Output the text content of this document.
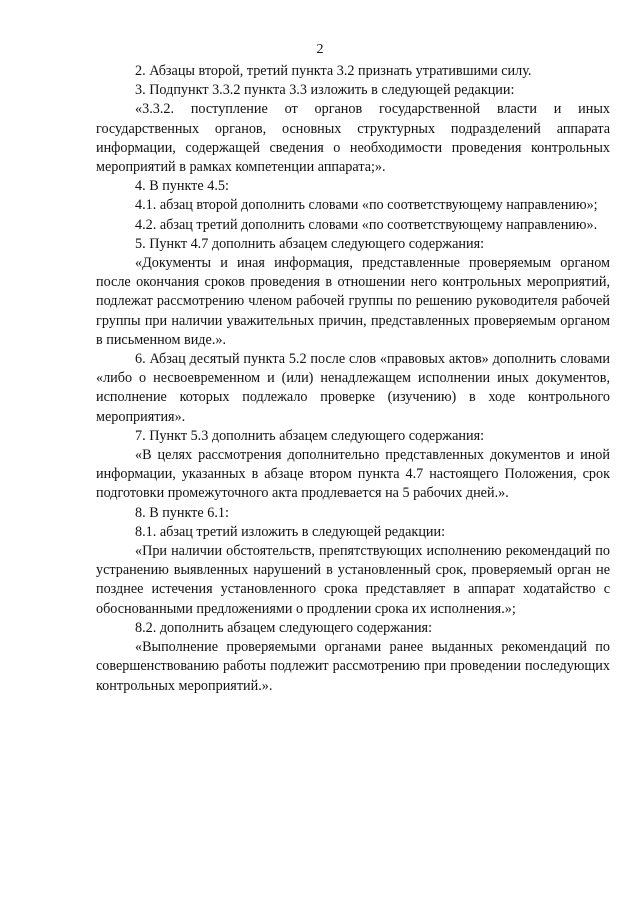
2

2. Абзацы второй, третий пункта 3.2 признать утратившими силу.

3. Подпункт 3.3.2 пункта 3.3 изложить в следующей редакции:

«3.3.2. поступление от органов государственной власти и иных государственных органов, основных структурных подразделений аппарата информации, содержащей сведения о необходимости проведения контрольных мероприятий в рамках компетенции аппарата;».

4. В пункте 4.5:

4.1. абзац второй дополнить словами «по соответствующему направлению»;

4.2. абзац третий дополнить словами «по соответствующему направлению».

5. Пункт 4.7 дополнить абзацем следующего содержания:

«Документы и иная информация, представленные проверяемым органом после окончания сроков проведения в отношении него контрольных мероприятий, подлежат рассмотрению членом рабочей группы по решению руководителя рабочей группы при наличии уважительных причин, представленных проверяемым органом в письменном виде.».

6. Абзац десятый пункта 5.2 после слов «правовых актов» дополнить словами «либо о несвоевременном и (или) ненадлежащем исполнении иных документов, исполнение которых подлежало проверке (изучению) в ходе контрольного мероприятия».

7. Пункт 5.3 дополнить абзацем следующего содержания:

«В целях рассмотрения дополнительно представленных документов и иной информации, указанных в абзаце втором пункта 4.7 настоящего Положения, срок подготовки промежуточного акта продлевается на 5 рабочих дней.».

8. В пункте 6.1:

8.1. абзац третий изложить в следующей редакции:

«При наличии обстоятельств, препятствующих исполнению рекомендаций по устранению выявленных нарушений в установленный срок, проверяемый орган не позднее истечения установленного срока представляет в аппарат ходатайство с обоснованными предложениями о продлении срока их исполнения.»;

8.2. дополнить абзацем следующего содержания:

«Выполнение проверяемыми органами ранее выданных рекомендаций по совершенствованию работы подлежит рассмотрению при проведении последующих контрольных мероприятий.».
